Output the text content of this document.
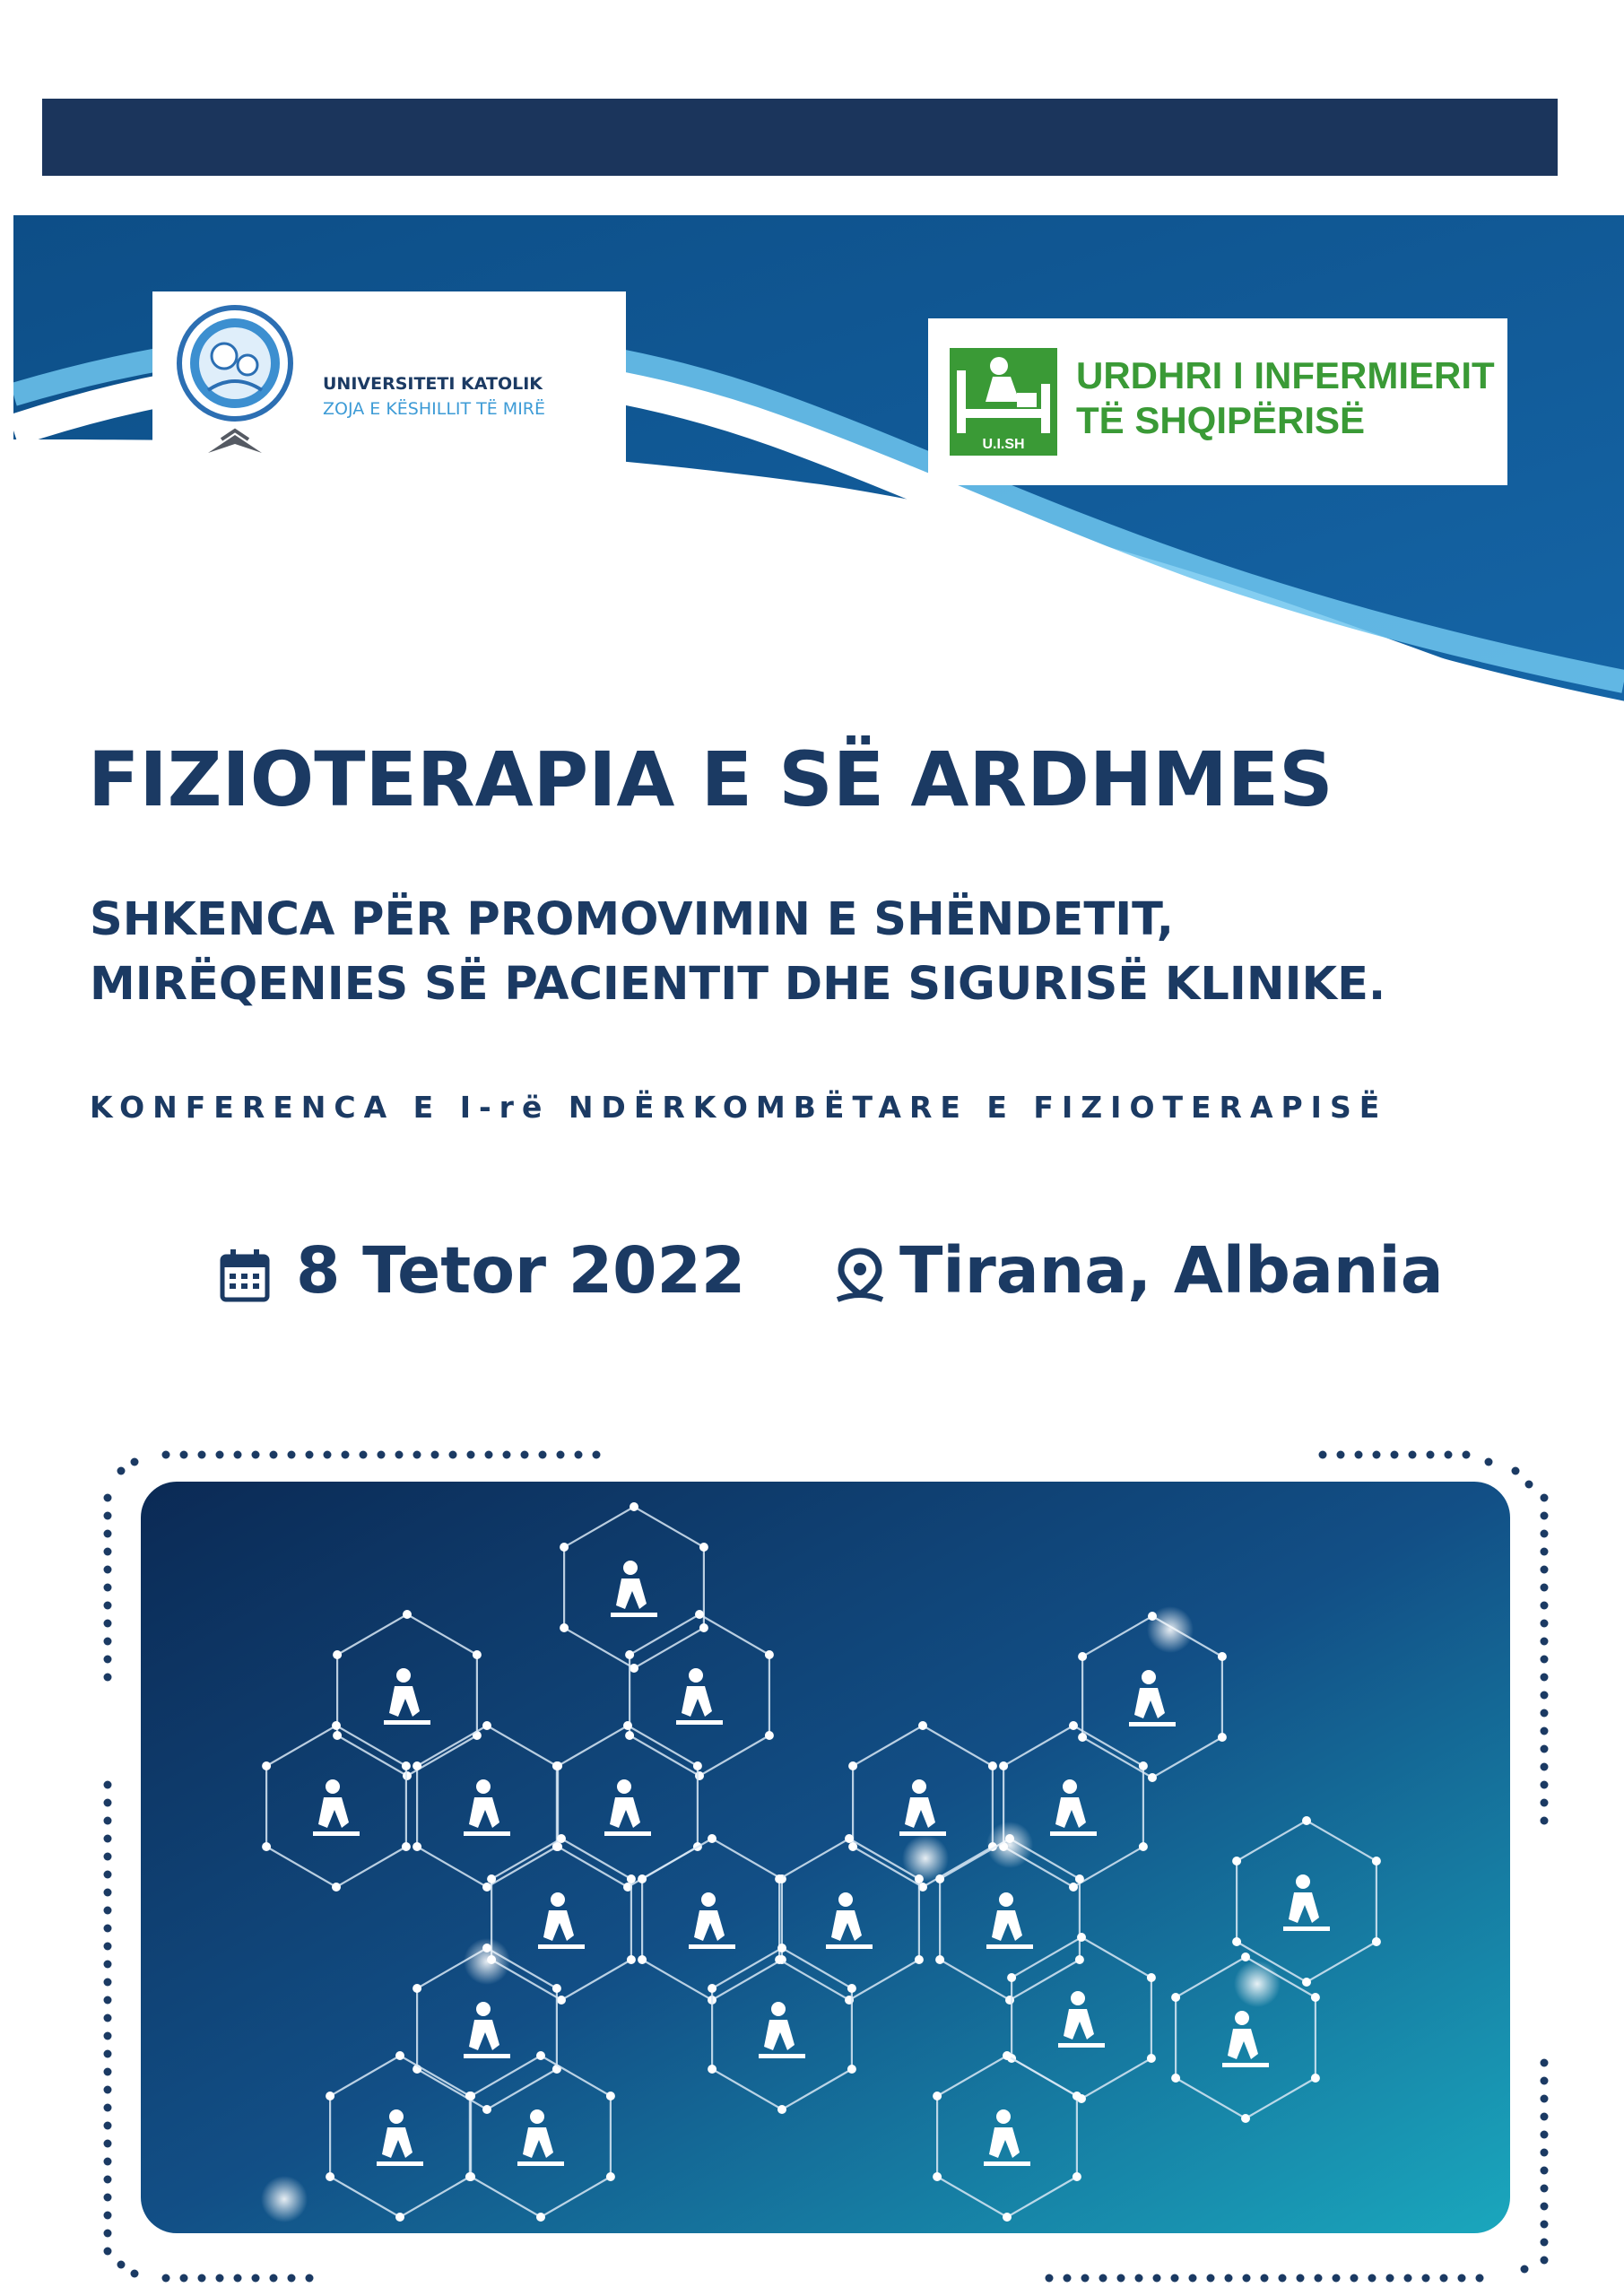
UNIVERSITETI KATOLIK
ZOJA E KËSHILLIT TË MIRË
U.I.SH
URDHRI I INFERMIERIT
TË SHQIPËRISË
FIZIOTERAPIA E SË ARDHMES
SHKENCA PËR PROMOVIMIN E SHËNDETIT,
MIRËQENIES SË PACIENTIT DHE SIGURISË KLINIKE.
KONFERENCA E I-rë NDËRKOMBËTARE E FIZIOTERAPISË
8 Tetor 2022 Tirana, Albania
